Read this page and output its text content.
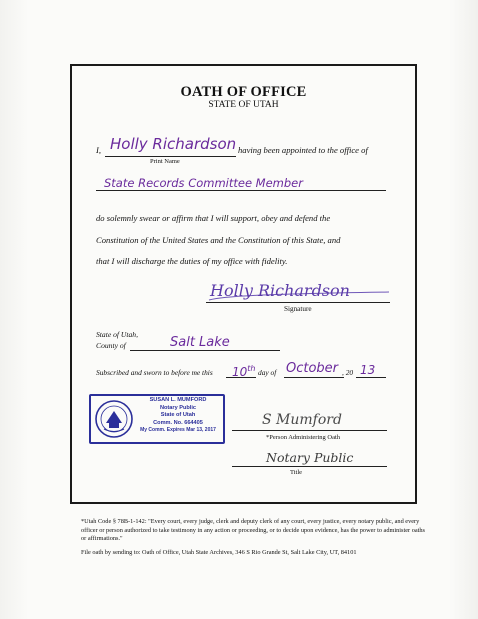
OATH OF OFFICE
STATE OF UTAH
I, Holly Richardson having been appointed to the office of
Print Name
State Records Committee Member
do solemnly swear or affirm that I will support, obey and defend the
Constitution of the United States and the Constitution of this State, and
that I will discharge the duties of my office with fidelity.
Holly Richardson
Signature
State of Utah,
County of	Salt Lake
Subscribed and sworn to before me this 10th day of October , 20 13
SUSAN L. MUMFORD
Notary Public
State of Utah
Comm. No. 664405
My Comm. Expires Mar 13, 2017
S Mumford
*Person Administering Oath
Notary Public
Title
*Utah Code § 78B-1-142: "Every court, every judge, clerk and deputy clerk of any court, every justice, every notary public, and every officer or person authorized to take testimony in any action or proceeding, or to decide upon evidence, has the power to administer oaths or affirmations."
File oath by sending to: Oath of Office, Utah State Archives, 346 S Rio Grande St, Salt Lake City, UT, 84101
